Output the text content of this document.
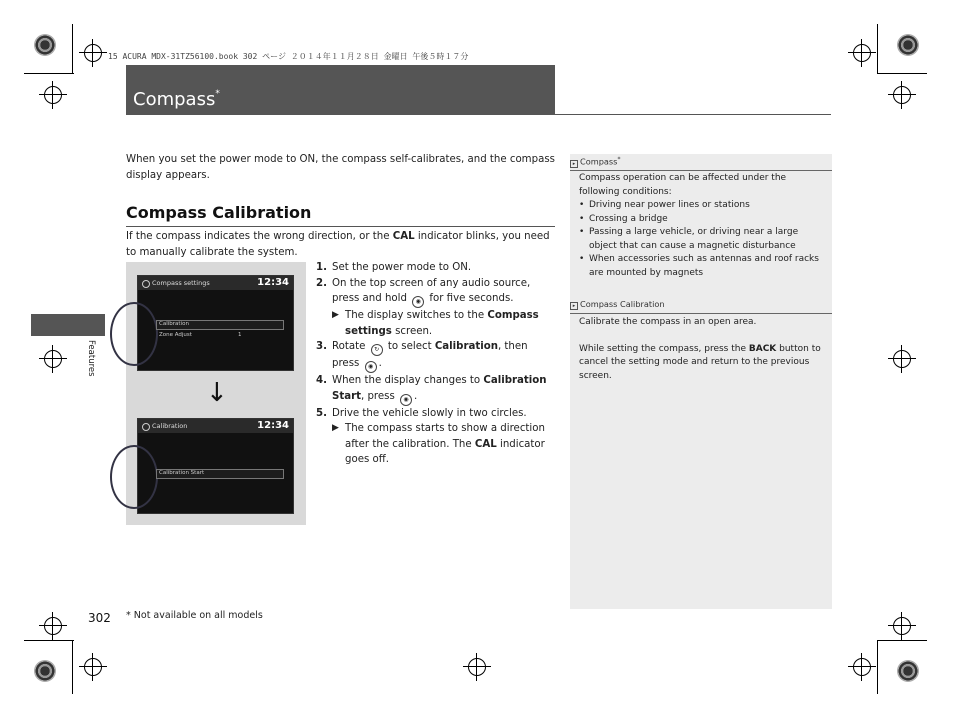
15 ACURA MDX-31TZ56100.book 302 ページ ２０１４年１１月２８日 金曜日 午後５時１７分
Compass*
When you set the power mode to ON, the compass self-calibrates, and the compass display appears.
Compass Calibration
If the compass indicates the wrong direction, or the CAL indicator blinks, you need to manually calibrate the system.
Compass settings	12:34
Calibration
Zone Adjust	1
↓
Calibration	12:34
Calibration Start
1. Set the power mode to ON.
2. On the top screen of any audio source, press and hold ◉ for five seconds.
▶ The display switches to the Compass settings screen.
3. Rotate ↻ to select Calibration, then press ◉ .
4. When the display changes to Calibration Start, press ◉ .
5. Drive the vehicle slowly in two circles.
▶ The compass starts to show a direction after the calibration. The CAL indicator goes off.
▸ Compass*
Compass operation can be affected under the following conditions:
• Driving near power lines or stations
• Crossing a bridge
• Passing a large vehicle, or driving near a large object that can cause a magnetic disturbance
• When accessories such as antennas and roof racks are mounted by magnets
▸ Compass Calibration
Calibrate the compass in an open area.
While setting the compass, press the BACK button to cancel the setting mode and return to the previous screen.
Features
302 * Not available on all models
